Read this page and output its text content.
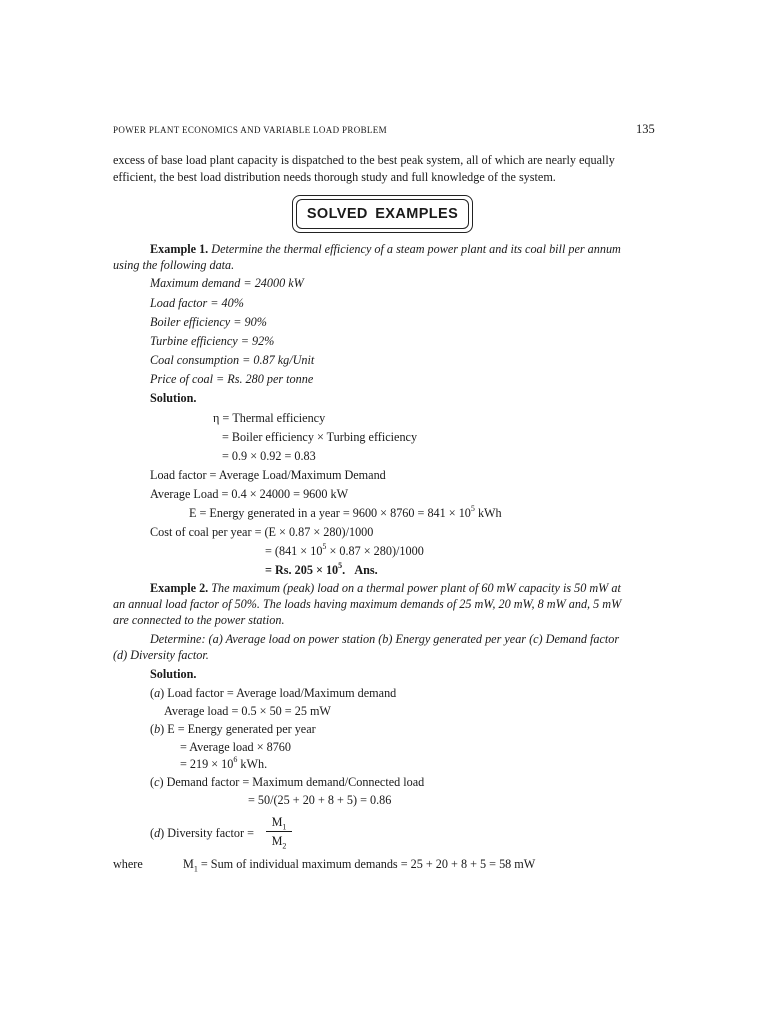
POWER PLANT ECONOMICS AND VARIABLE LOAD PROBLEM	135
excess of base load plant capacity is dispatched to the best peak system, all of which are nearly equally
efficient, the best load distribution needs thorough study and full knowledge of the system.
SOLVED EXAMPLES
Example 1. Determine the thermal efficiency of a steam power plant and its coal bill per annum
using the following data.
Maximum demand = 24000 kW
Load factor = 40%
Boiler efficiency = 90%
Turbine efficiency = 92%
Coal consumption = 0.87 kg/Unit
Price of coal = Rs. 280 per tonne
Solution.
η = Thermal efficiency
= Boiler efficiency × Turbing efficiency
= 0.9 × 0.92 = 0.83
Load factor = Average Load/Maximum Demand
Average Load = 0.4 × 24000 = 9600 kW
E = Energy generated in a year = $9600 \times 8760 = 841 \times 10^5$ kWh
Cost of coal per year = (E × 0.87 × 280)/1000
= $(841 \times 10^5 \times 0.87 \times 280)/1000$
= Rs. $205 \times 10^5$. Ans.
Example 2. The maximum (peak) load on a thermal power plant of 60 mW capacity is 50 mW at
an annual load factor of 50%. The loads having maximum demands of 25 mW, 20 mW, 8 mW and, 5 mW
are connected to the power station.
Determine: (a) Average load on power station (b) Energy generated per year (c) Demand factor
(d) Diversity factor.
Solution.
(a) Load factor = Average load/Maximum demand
Average load = 0.5 × 50 = 25 mW
(b) E = Energy generated per year
= Average load × 8760
= $219 \times 10^6$ kWh.
(c) Demand factor = Maximum demand/Connected load
= 50/(25 + 20 + 8 + 5) = 0.86
(d) Diversity factor =
$M_1$
$M_2$
where	$M_1$ = Sum of individual maximum demands = 25 + 20 + 8 + 5 = 58 mW
